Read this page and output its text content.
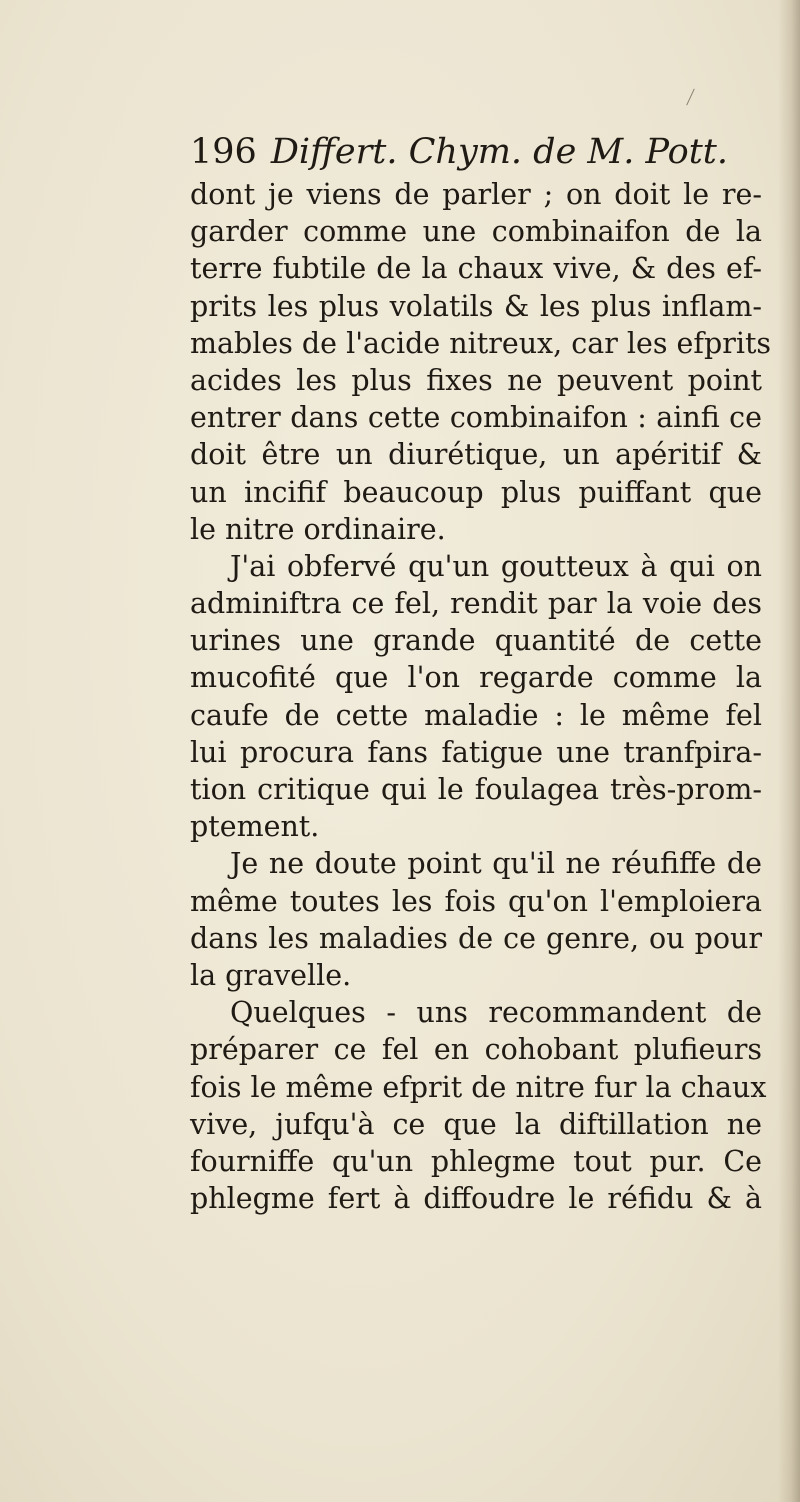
196 Differt. Chym. de M. Pott.
dont je viens de parler ; on doit le re-
garder comme une combinaifon de la
terre fubtile de la chaux vive, & des ef-
prits les plus volatils & les plus inflam-
mables de l'acide nitreux, car les efprits
acides les plus fixes ne peuvent point
entrer dans cette combinaifon : ainfi ce
doit être un diurétique, un apéritif &
un incifif beaucoup plus puiffant que
le nitre ordinaire.
J'ai obfervé qu'un goutteux à qui on
adminiftra ce fel, rendit par la voie des
urines une grande quantité de cette
mucofité que l'on regarde comme la
caufe de cette maladie : le même fel
lui procura fans fatigue une tranfpira-
tion critique qui le foulagea très-prom-
ptement.
Je ne doute point qu'il ne réufiffe de
même toutes les fois qu'on l'emploiera
dans les maladies de ce genre, ou pour
la gravelle.
Quelques - uns recommandent de
préparer ce fel en cohobant plufieurs
fois le même efprit de nitre fur la chaux
vive, jufqu'à ce que la diftillation ne
fourniffe qu'un phlegme tout pur. Ce
phlegme fert à diffoudre le réfidu & à
